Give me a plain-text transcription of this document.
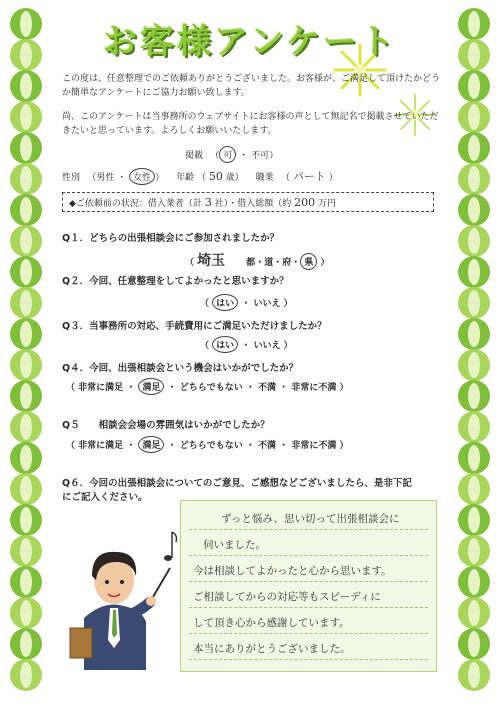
お客様アンケート

この度は、任意整理でのご依頼ありがとうございました。お客様が、ご満足して頂けたかどうか簡単なアンケートにご協力お願い致します。

尚、このアンケートは当事務所のウェブサイトにお客様の声として無記名で掲載させていただきたいと思っています。よろしくお願いいたします。

掲載 　（ 可 ・ 不可）
性別 　（男性 ・ 女性 ） 　年齢 （ 50 歳） 　 職業 　 （ パート ）
◆ご依頼前の状況：借入業者（計 3 社）・借入総額（約 200 万円
Q１．どちらの出張相談会にご参加されましたか？
（ 埼玉 　　 都・道・府・ 県 ）
Q２．今回、任意整理をしてよかったと思いますか？
（ はい ・ いいえ ）
Q３．当事務所の対応、手続費用にご満足いただけましたか？
（ はい ・ いいえ ）
Q４．今回、出張相談会という機会はいかがでしたか？
（ 非常に満足 ・ 満足 ・ どちらでもない ・ 不満 ・ 非常に不満 ）
Q５　　相談会会場の雰囲気はいかがでしたか？
（ 非常に満足 ・ 満足 ・ どちらでもない ・ 不満 ・ 非常に不満 ）
Q６．今回の出張相談会についてのご意見、ご感想などございましたら、是非下記
にご記入ください。
ずっと悩み、思い切って出張相談会に
伺いました。
今は相談してよかったと心から思います。
ご相談してからの対応等もスピーディに
して頂き心から感謝しています。
本当にありがとうございました。
